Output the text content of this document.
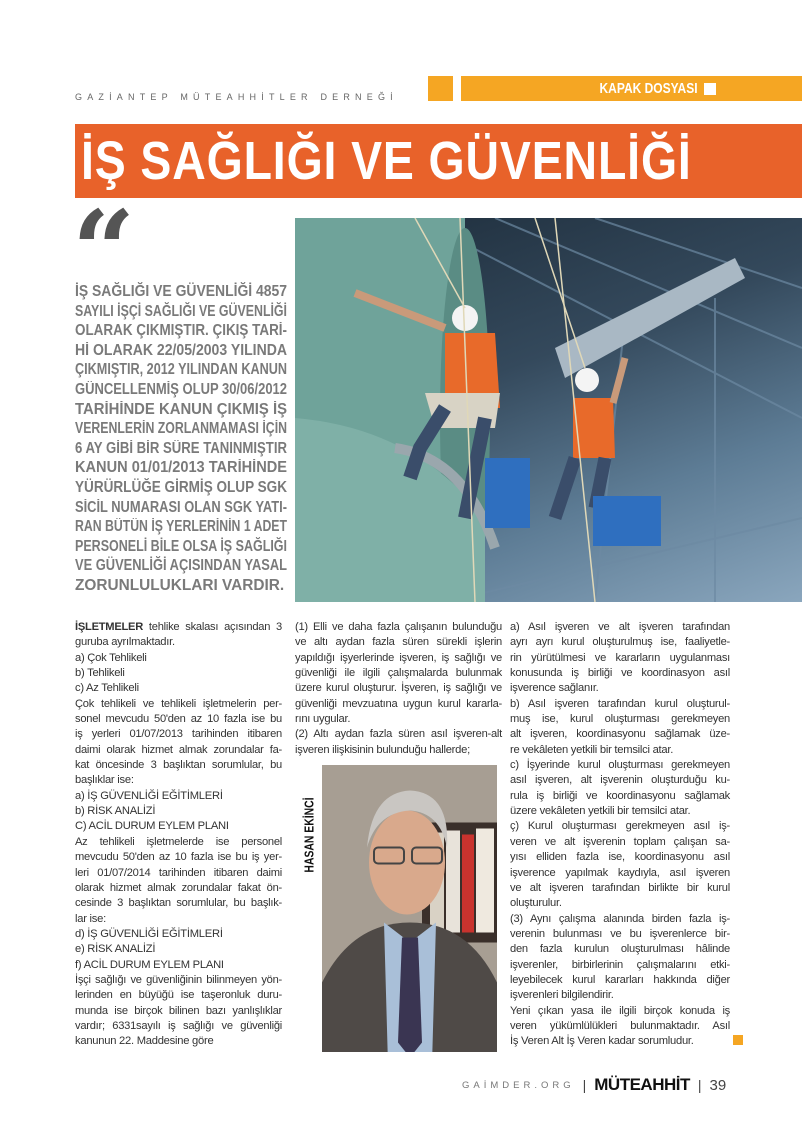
GAZİANTEP MÜTEAHHİTLER DERNEĞİ	KAPAK DOSYASI
İŞ SAĞLIĞI VE GÜVENLİĞİ
“
İŞ SAĞLIĞI VE GÜVENLİĞİ 4857
SAYILI İŞÇİ SAĞLIĞI VE GÜVENLİĞİ
OLARAK ÇIKMIŞTIR. ÇIKIŞ TARİ-
Hİ OLARAK 22/05/2003 YILINDA
ÇIKMIŞTIR, 2012 YILINDAN KANUN
GÜNCELLENMİŞ OLUP 30/06/2012
TARİHİNDE KANUN ÇIKMIŞ İŞ
VERENLERİN ZORLANMAMASI İÇİN
6 AY GİBİ BİR SÜRE TANINMIŞTIR
KANUN 01/01/2013 TARİHİNDE
YÜRÜRLÜĞE GİRMİŞ OLUP SGK
SİCİL NUMARASI OLAN SGK YATI-
RAN BÜTÜN İŞ YERLERİNİN 1 ADET
PERSONELİ BİLE OLSA İŞ SAĞLIĞI
VE GÜVENLİĞİ AÇISINDAN YASAL
ZORUNLULUKLARI VARDIR.
İŞLETMELER tehlike skalası açısından 3
guruba ayrılmaktadır.
a) Çok Tehlikeli
b) Tehlikeli
c) Az Tehlikeli
Çok tehlikeli ve tehlikeli işletmelerin per-
sonel mevcudu 50'den az 10 fazla ise bu
iş yerleri 01/07/2013 tarihinden itibaren
daimi olarak hizmet almak zorundalar fa-
kat öncesinde 3 başlıktan sorumlular, bu
başlıklar ise:
a) İŞ GÜVENLİĞİ EĞİTİMLERİ
b) RİSK ANALİZİ
C) ACİL DURUM EYLEM PLANI
Az tehlikeli işletmelerde ise personel
mevcudu 50'den az 10 fazla ise bu iş yer-
leri 01/07/2014 tarihinden itibaren daimi
olarak hizmet almak zorundalar fakat ön-
cesinde 3 başlıktan sorumlular, bu başlık-
lar ise:
d) İŞ GÜVENLİĞİ EĞİTİMLERİ
e) RİSK ANALİZİ
f) ACİL DURUM EYLEM PLANI
İşçi sağlığı ve güvenliğinin bilinmeyen yön-
lerinden en büyüğü ise taşeronluk duru-
munda ise birçok bilinen bazı yanlışlıklar
vardır; 6331sayılı iş sağlığı ve güvenliği
kanunun 22. Maddesine göre
(1) Elli ve daha fazla çalışanın bulunduğu
ve altı aydan fazla süren sürekli işlerin
yapıldığı işyerlerinde işveren, iş sağlığı ve
güvenliği ile ilgili çalışmalarda bulunmak
üzere kurul oluşturur. İşveren, iş sağlığı ve
güvenliği mevzuatına uygun kurul kararla-
rını uygular.
(2) Altı aydan fazla süren asıl işveren-alt
işveren ilişkisinin bulunduğu hallerde;
a) Asıl işveren ve alt işveren tarafından
ayrı ayrı kurul oluşturulmuş ise, faaliyetle-
rin yürütülmesi ve kararların uygulanması
konusunda iş birliği ve koordinasyon asıl
işverence sağlanır.
b) Asıl işveren tarafından kurul oluşturul-
muş ise, kurul oluşturması gerekmeyen
alt işveren, koordinasyonu sağlamak üze-
re vekâleten yetkili bir temsilci atar.
c) İşyerinde kurul oluşturması gerekmeyen
asıl işveren, alt işverenin oluşturduğu ku-
rula iş birliği ve koordinasyonu sağlamak
üzere vekâleten yetkili bir temsilci atar.
ç) Kurul oluşturması gerekmeyen asıl iş-
veren ve alt işverenin toplam çalışan sa-
yısı elliden fazla ise, koordinasyonu asıl
işverence yapılmak kaydıyla, asıl işveren
ve alt işveren tarafından birlikte bir kurul
oluşturulur.
(3) Aynı çalışma alanında birden fazla iş-
verenin bulunması ve bu işverenlerce bir-
den fazla kurulun oluşturulması hâlinde
işverenler, birbirlerinin çalışmalarını etki-
leyebilecek kurul kararları hakkında diğer
işverenleri bilgilendirir.
Yeni çıkan yasa ile ilgili birçok konuda iş
veren yükümlülükleri bulunmaktadır. Asıl
İş Veren Alt İş Veren kadar sorumludur.
HASAN EKİNCİ
GAİMDER.ORG | MÜTEAHHİT | 39
